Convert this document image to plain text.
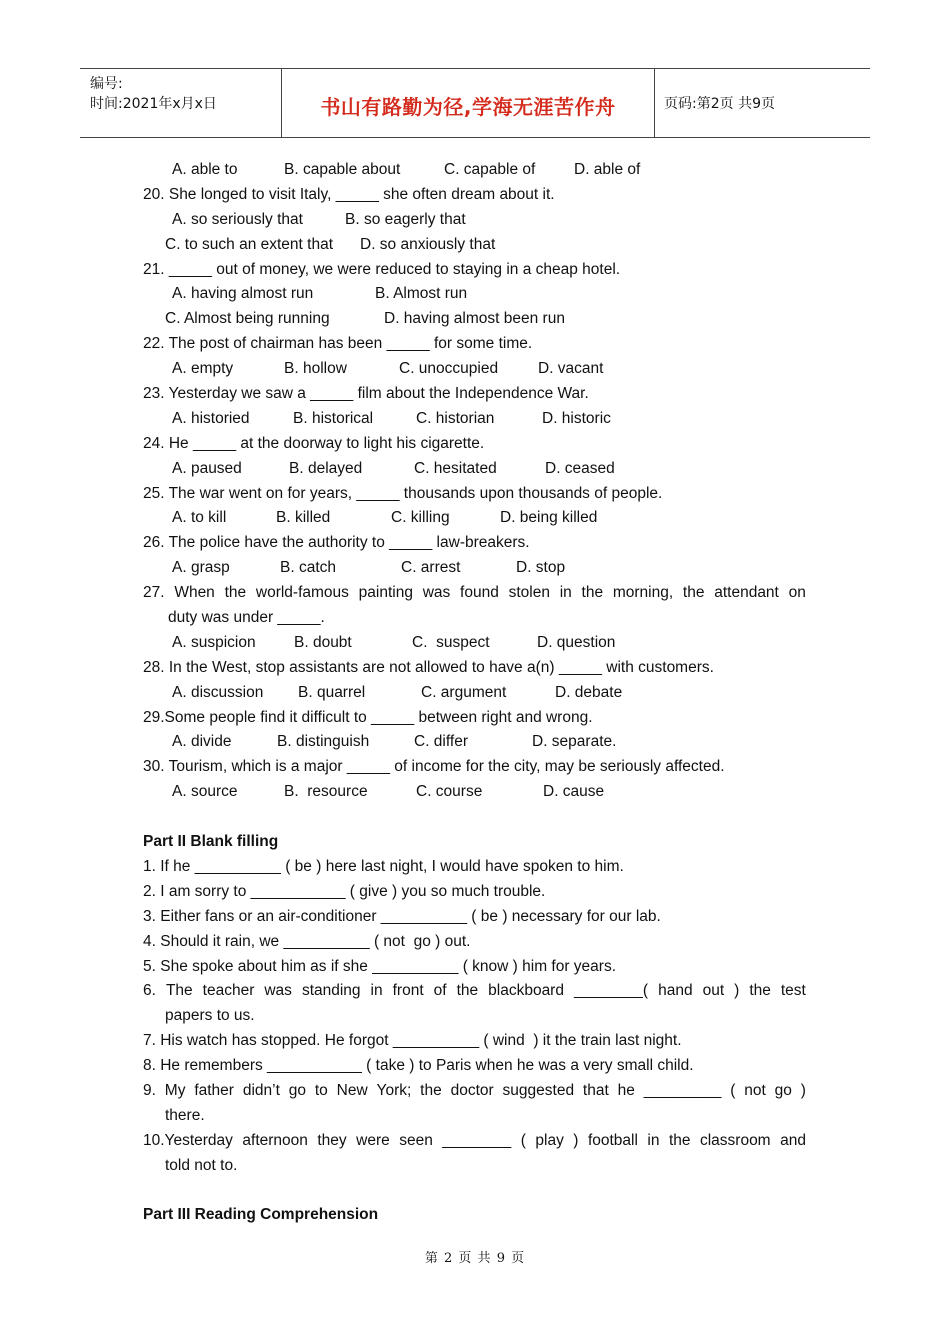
编号:
时间:2021年x月x日	书山有路勤为径,学海无涯苦作舟	页码:第2页 共9页
A. able to	B. capable about	C. capable of D. able of
20. She longed to visit Italy, _____ she often dream about it.
A. so seriously that	B. so eagerly that
C. to such an extent that D. so anxiously that
21. _____ out of money, we were reduced to staying in a cheap hotel.
A. having almost run	B. Almost run
C. Almost being running	D. having almost been run
22. The post of chairman has been _____ for some time.
A. empty	B. hollow	C. unoccupied	D. vacant
23. Yesterday we saw a _____ film about the Independence War.
A. historied	B. historical	C. historian	D. historic
24. He _____ at the doorway to light his cigarette.
A. paused	B. delayed	C. hesitated	D. ceased
25. The war went on for years, _____ thousands upon thousands of people.
A. to kill	B. killed	C. killing	D. being killed
26. The police have the authority to _____ law-breakers.
A. grasp	B. catch	C. arrest	D. stop
27. When the world-famous painting was found stolen in the morning, the attendant on
duty was under _____.
A. suspicion B. doubt	C.  suspect	D. question
28. In the West, stop assistants are not allowed to have a(n) _____ with customers.
A. discussion B. quarrel	C. argument	D. debate
29.Some people find it difficult to _____ between right and wrong.
A. divide	B. distinguish	C. differ	D. separate.
30. Tourism, which is a major _____ of income for the city, may be seriously affected.
A. source	B.  resource	C. course	D. cause
Part II Blank filling
1. If he __________ ( be ) here last night, I would have spoken to him.
2. I am sorry to ___________ ( give ) you so much trouble.
3. Either fans or an air-conditioner __________ ( be ) necessary for our lab.
4. Should it rain, we __________ ( not  go ) out.
5. She spoke about him as if she __________ ( know ) him for years.
6. The teacher was standing in front of the blackboard ________( hand out ) the test
papers to us.
7. His watch has stopped. He forgot __________ ( wind  ) it the train last night.
8. He remembers ___________ ( take ) to Paris when he was a very small child.
9. My father didn’t go to New York; the doctor suggested that he _________ ( not go )
there.
10.Yesterday afternoon they were seen ________ ( play ) football in the classroom and
told not to.
Part III Reading Comprehension
第 2 页 共 9 页
